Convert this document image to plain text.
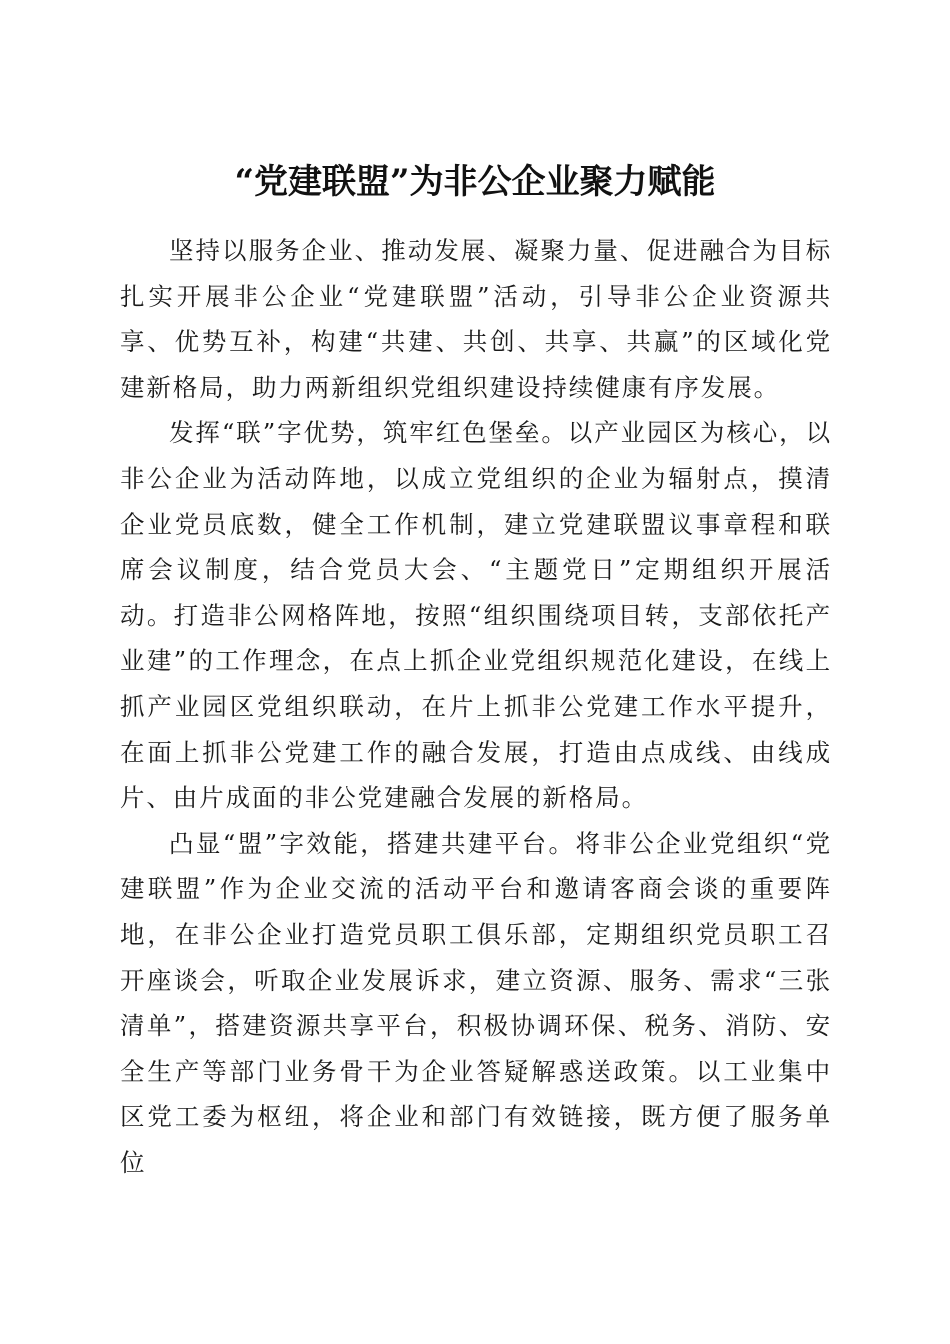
“党建联盟”为非公企业聚力赋能

坚持以服务企业、推动发展、凝聚力量、促进融合为目标扎实开展非公企业“党建联盟”活动，引导非公企业资源共享、优势互补，构建“共建、共创、共享、共赢”的区域化党建新格局，助力两新组织党组织建设持续健康有序发展。

发挥“联”字优势，筑牢红色堡垒。以产业园区为核心，以非公企业为活动阵地，以成立党组织的企业为辐射点，摸清企业党员底数，健全工作机制，建立党建联盟议事章程和联席会议制度，结合党员大会、“主题党日”定期组织开展活动。打造非公网格阵地，按照“组织围绕项目转，支部依托产业建”的工作理念，在点上抓企业党组织规范化建设，在线上抓产业园区党组织联动，在片上抓非公党建工作水平提升，在面上抓非公党建工作的融合发展，打造由点成线、由线成片、由片成面的非公党建融合发展的新格局。

凸显“盟”字效能，搭建共建平台。将非公企业党组织“党建联盟”作为企业交流的活动平台和邀请客商会谈的重要阵地，在非公企业打造党员职工俱乐部，定期组织党员职工召开座谈会，听取企业发展诉求，建立资源、服务、需求“三张清单”，搭建资源共享平台，积极协调环保、税务、消防、安全生产等部门业务骨干为企业答疑解惑送政策。以工业集中区党工委为枢纽，将企业和部门有效链接，既方便了服务单位
